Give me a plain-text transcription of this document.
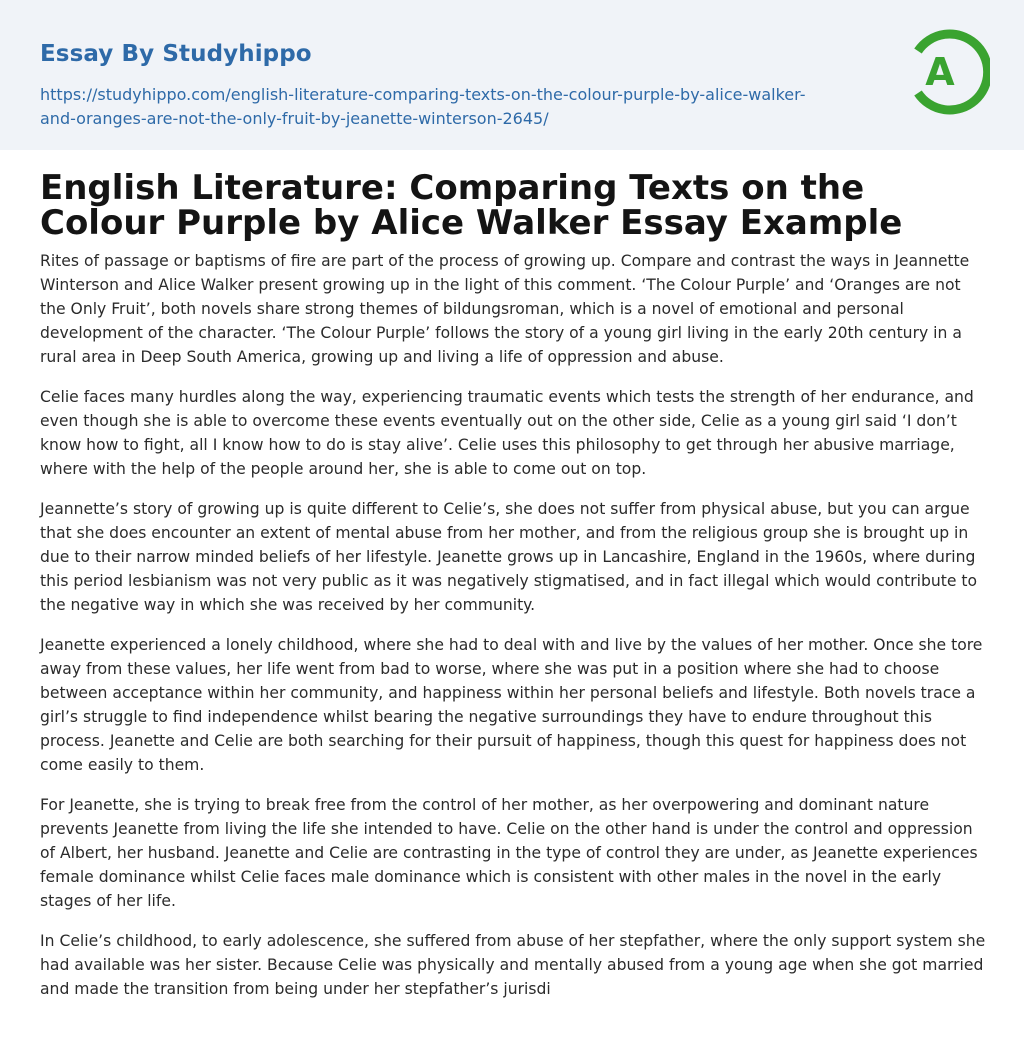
Essay By Studyhippo
https://studyhippo.com/english-literature-comparing-texts-on-the-colour-purple-by-alice-walker-and-oranges-are-not-the-only-fruit-by-jeanette-winterson-2645/
A
English Literature: Comparing Texts on the Colour Purple by Alice Walker Essay Example

Rites of passage or baptisms of fire are part of the process of growing up. Compare and contrast the ways in Jeannette Winterson and Alice Walker present growing up in the light of this comment. ‘The Colour Purple’ and ‘Oranges are not the Only Fruit’, both novels share strong themes of bildungsroman, which is a novel of emotional and personal development of the character. ‘The Colour Purple’ follows the story of a young girl living in the early 20th century in a rural area in Deep South America, growing up and living a life of oppression and abuse.

Celie faces many hurdles along the way, experiencing traumatic events which tests the strength of her endurance, and even though she is able to overcome these events eventually out on the other side, Celie as a young girl said ‘I don’t know how to fight, all I know how to do is stay alive’. Celie uses this philosophy to get through her abusive marriage, where with the help of the people around her, she is able to come out on top.

Jeannette’s story of growing up is quite different to Celie’s, she does not suffer from physical abuse, but you can argue that she does encounter an extent of mental abuse from her mother, and from the religious group she is brought up in due to their narrow minded beliefs of her lifestyle. Jeanette grows up in Lancashire, England in the 1960s, where during this period lesbianism was not very public as it was negatively stigmatised, and in fact illegal which would contribute to the negative way in which she was received by her community.

Jeanette experienced a lonely childhood, where she had to deal with and live by the values of her mother. Once she tore away from these values, her life went from bad to worse, where she was put in a position where she had to choose between acceptance within her community, and happiness within her personal beliefs and lifestyle. Both novels trace a girl’s struggle to find independence whilst bearing the negative surroundings they have to endure throughout this process. Jeanette and Celie are both searching for their pursuit of happiness, though this quest for happiness does not come easily to them.

For Jeanette, she is trying to break free from the control of her mother, as her overpowering and dominant nature prevents Jeanette from living the life she intended to have. Celie on the other hand is under the control and oppression of Albert, her husband. Jeanette and Celie are contrasting in the type of control they are under, as Jeanette experiences female dominance whilst Celie faces male dominance which is consistent with other males in the novel in the early stages of her life.

In Celie’s childhood, to early adolescence, she suffered from abuse of her stepfather, where the only support system she had available was her sister. Because Celie was physically and mentally abused from a young age when she got married and made the transition from being under her stepfather’s jurisdi
